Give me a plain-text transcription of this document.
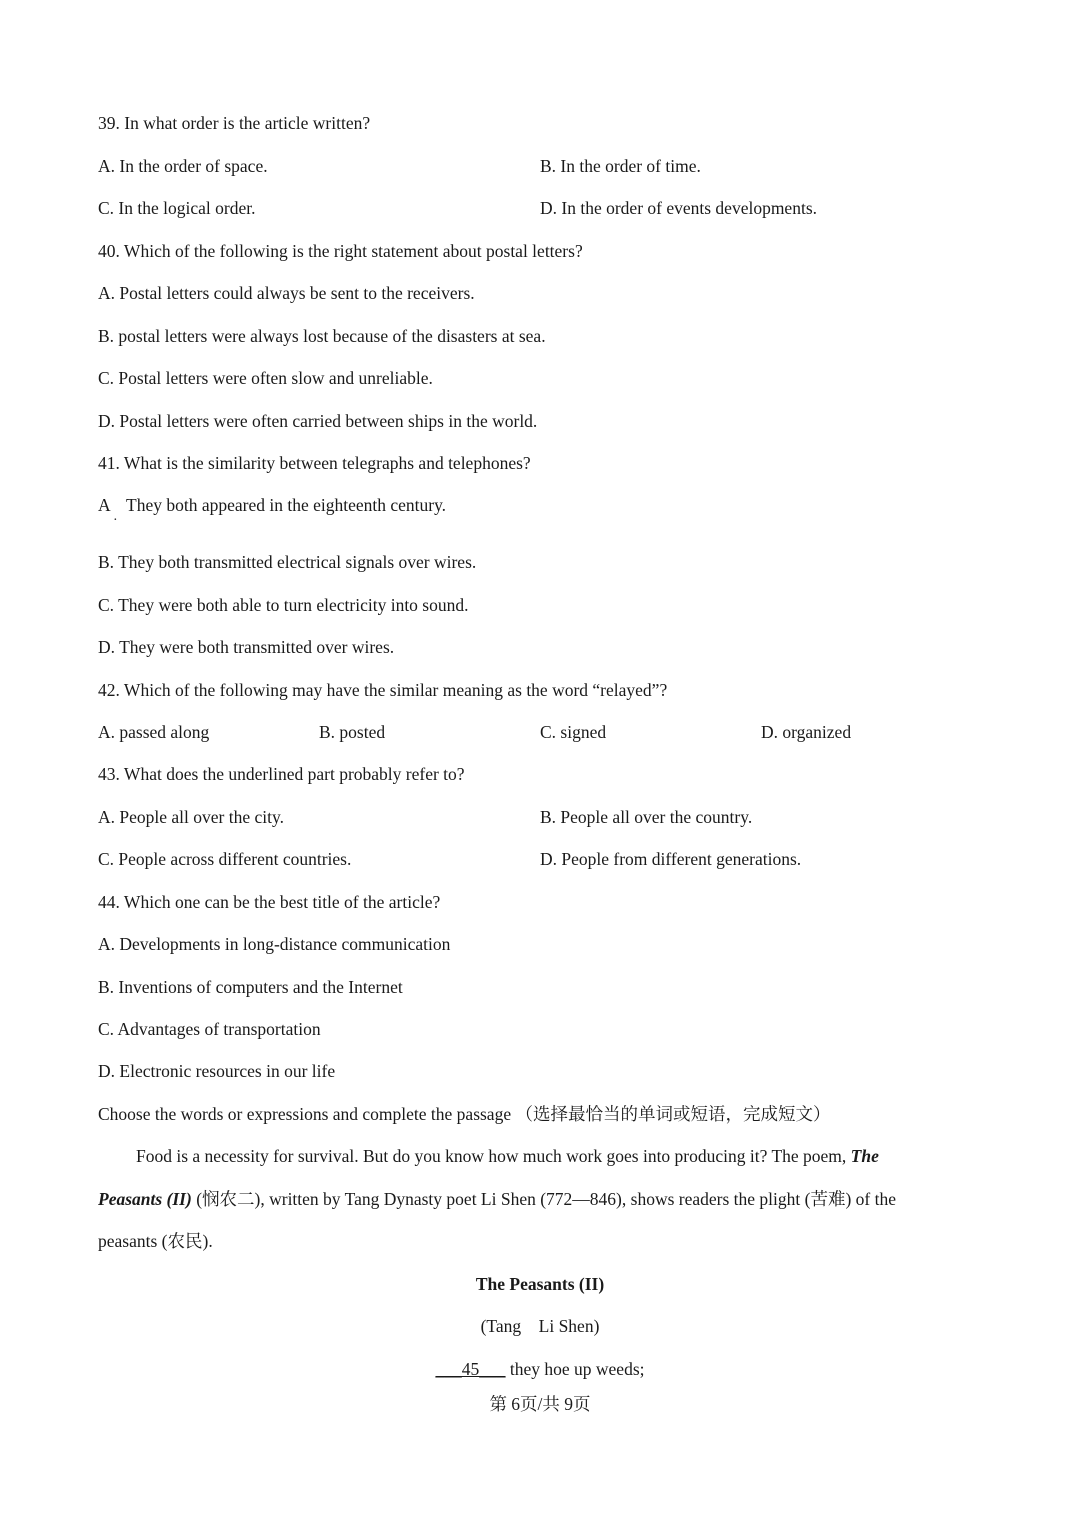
39. In what order is the article written?
A. In the order of space.	B. In the order of time.
C. In the logical order.	D. In the order of events developments.
40. Which of the following is the right statement about postal letters?
A. Postal letters could always be sent to the receivers.
B. postal letters were always lost because of the disasters at sea.
C. Postal letters were often slow and unreliable.
D. Postal letters were often carried between ships in the world.
41. What is the similarity between telegraphs and telephones?
A
·
They both appeared in the eighteenth century.
B. They both transmitted electrical signals over wires.
C. They were both able to turn electricity into sound.
D. They were both transmitted over wires.
42. Which of the following may have the similar meaning as the word “relayed”?
A. passed along	B. posted	C. signed	D. organized
43. What does the underlined part probably refer to?
A. People all over the city.	B. People all over the country.
C. People across different countries.	D. People from different generations.
44. Which one can be the best title of the article?
A. Developments in long-distance communication
B. Inventions of computers and the Internet
C. Advantages of transportation
D. Electronic resources in our life
Choose the words or expressions and complete the passage （选择最恰当的单词或短语，完成短文）
Food is a necessity for survival. But do you know how much work goes into producing it? The poem, The
Peasants (II) (悯农二), written by Tang Dynasty poet Li Shen (772—846), shows readers the plight (苦难) of the
peasants (农民).
The Peasants (II)
(Tang    Li Shen)
___45___ they hoe up weeds;
第 6页/共 9页
